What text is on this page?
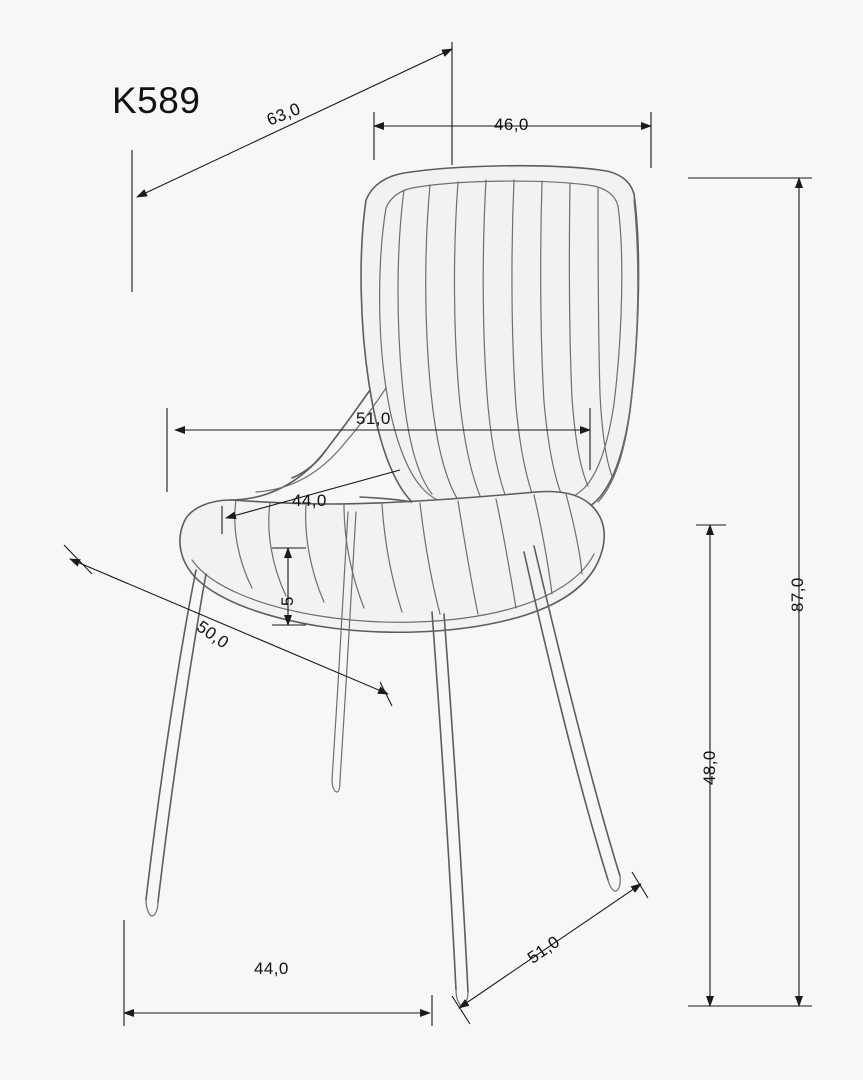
K589	63,0	46,0
51,0
44,0
5
50,0
87,0
48,0
44,0
51,0
